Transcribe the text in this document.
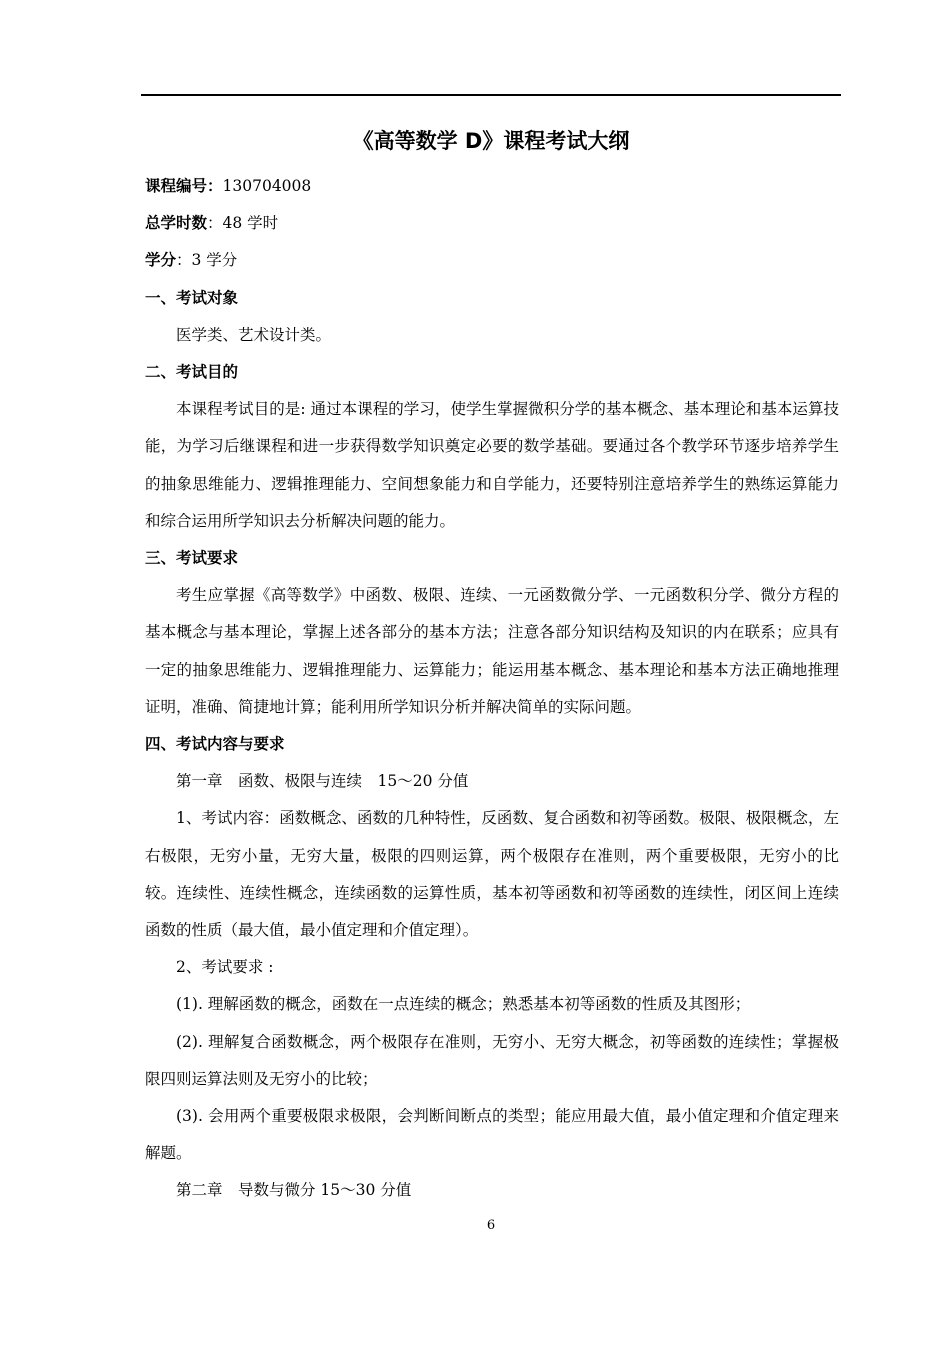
《高等数学 D》课程考试大纲

课程编号：130704008

总学时数：48 学时

学分：3 学分

一、考试对象

医学类、艺术设计类。

二、考试目的

本课程考试目的是: 通过本课程的学习，使学生掌握微积分学的基本概念、基本理论和基本运算技能，为学习后继课程和进一步获得数学知识奠定必要的数学基础。要通过各个教学环节逐步培养学生的抽象思维能力、逻辑推理能力、空间想象能力和自学能力，还要特别注意培养学生的熟练运算能力和综合运用所学知识去分析解决问题的能力。

三、考试要求

考生应掌握《高等数学》中函数、极限、连续、一元函数微分学、一元函数积分学、微分方程的基本概念与基本理论，掌握上述各部分的基本方法；注意各部分知识结构及知识的内在联系；应具有一定的抽象思维能力、逻辑推理能力、运算能力；能运用基本概念、基本理论和基本方法正确地推理证明，准确、简捷地计算；能利用所学知识分析并解决简单的实际问题。

四、考试内容与要求

第一章　函数、极限与连续　15～20 分值

1、考试内容：函数概念、函数的几种特性，反函数、复合函数和初等函数。极限、极限概念，左右极限，无穷小量，无穷大量，极限的四则运算，两个极限存在准则，两个重要极限，无穷小的比较。连续性、连续性概念，连续函数的运算性质，基本初等函数和初等函数的连续性，闭区间上连续函数的性质（最大值，最小值定理和介值定理）。

2、考试要求 :

(1). 理解函数的概念，函数在一点连续的概念；熟悉基本初等函数的性质及其图形；

(2). 理解复合函数概念，两个极限存在准则，无穷小、无穷大概念，初等函数的连续性；掌握极限四则运算法则及无穷小的比较；

(3). 会用两个重要极限求极限，会判断间断点的类型；能应用最大值，最小值定理和介值定理来解题。

第二章　导数与微分 15～30 分值

6
